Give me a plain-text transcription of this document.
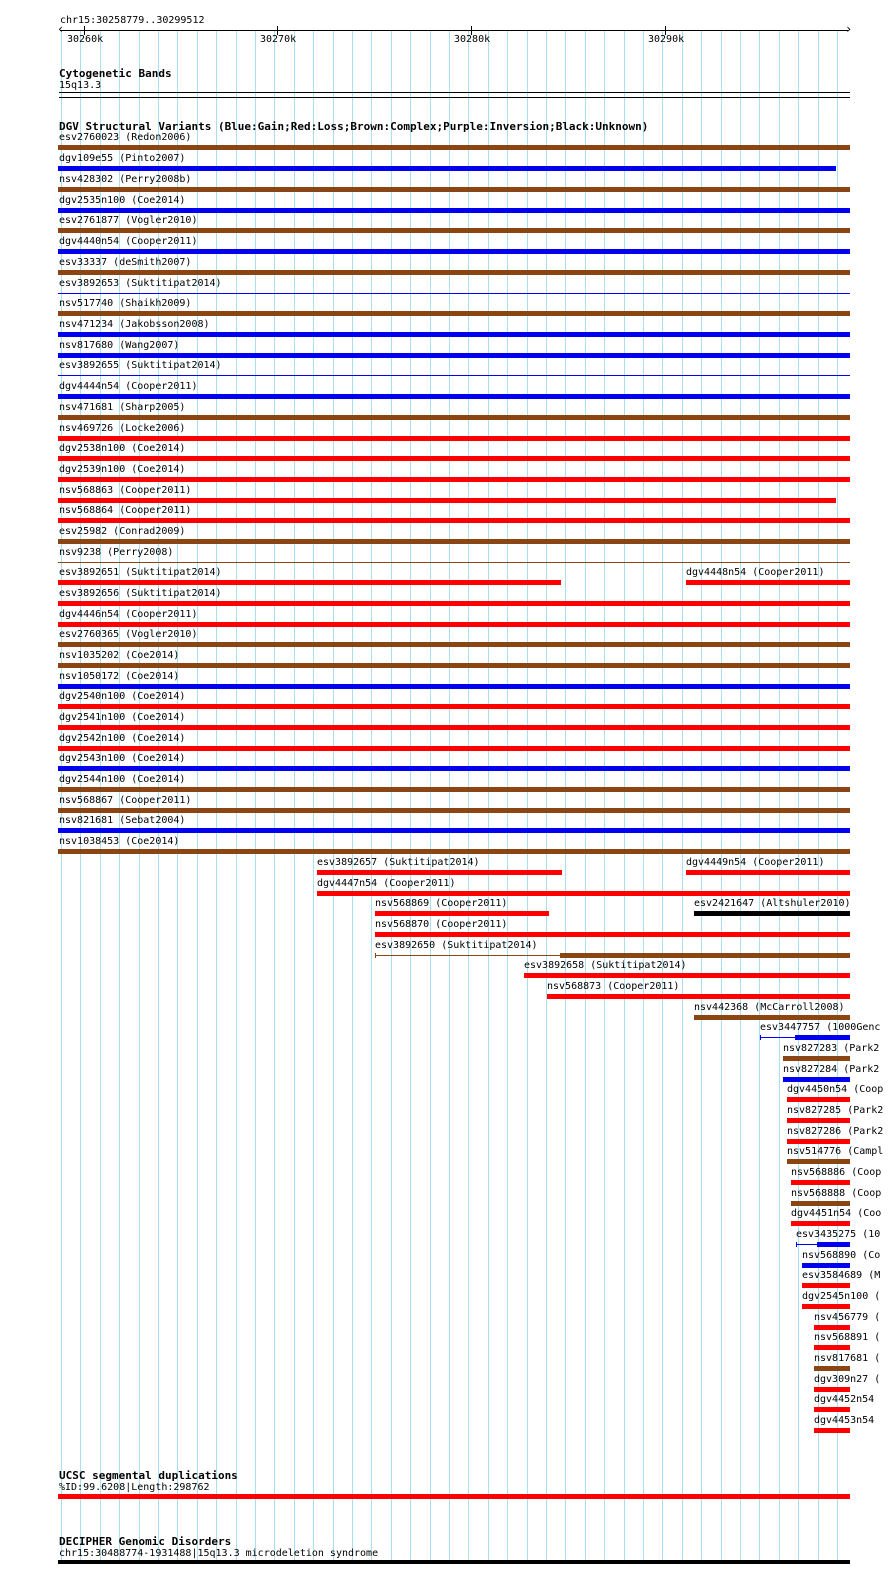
chr15:30258779..30299512
‹	›
30260k	30270k	30280k	30290k
Cytogenetic Bands
15q13.3
DGV Structural Variants (Blue:Gain;Red:Loss;Brown:Complex;Purple:Inversion;Black:Unknown)
esv2760023 (Redon2006)
dgv109e55 (Pinto2007)
nsv428302 (Perry2008b)
dgv2535n100 (Coe2014)
esv2761877 (Vogler2010)
dgv4440n54 (Cooper2011)
esv33337 (deSmith2007)
esv3892653 (Suktitipat2014)
nsv517740 (Shaikh2009)
nsv471234 (Jakobsson2008)
nsv817680 (Wang2007)
esv3892655 (Suktitipat2014)
dgv4444n54 (Cooper2011)
nsv471681 (Sharp2005)
nsv469726 (Locke2006)
dgv2538n100 (Coe2014)
dgv2539n100 (Coe2014)
nsv568863 (Cooper2011)
nsv568864 (Cooper2011)
esv25982 (Conrad2009)
nsv9238 (Perry2008)
esv3892651 (Suktitipat2014)	dgv4448n54 (Cooper2011)
esv3892656 (Suktitipat2014)
dgv4446n54 (Cooper2011)
esv2760365 (Vogler2010)
nsv1035202 (Coe2014)
nsv1050172 (Coe2014)
dgv2540n100 (Coe2014)
dgv2541n100 (Coe2014)
dgv2542n100 (Coe2014)
dgv2543n100 (Coe2014)
dgv2544n100 (Coe2014)
nsv568867 (Cooper2011)
nsv821681 (Sebat2004)
nsv1038453 (Coe2014)
esv3892657 (Suktitipat2014)	dgv4449n54 (Cooper2011)
dgv4447n54 (Cooper2011)
nsv568869 (Cooper2011)	esv2421647 (Altshuler2010)
nsv568870 (Cooper2011)
esv3892650 (Suktitipat2014)
esv3892658 (Suktitipat2014)
nsv568873 (Cooper2011)
nsv442368 (McCarroll2008)
esv3447757 (1000Genc
nsv827283 (Park2
nsv827284 (Park2
dgv4450n54 (Coop
nsv827285 (Park2
nsv827286 (Park2
nsv514776 (Campl
nsv568886 (Coop
nsv568888 (Coop
dgv4451n54 (Coo
esv3435275 (10
nsv568890 (Co
esv3584689 (M
dgv2545n100 (
nsv456779 (
nsv568891 (
nsv817681 (
dgv309n27 (
dgv4452n54
dgv4453n54
UCSC segmental duplications
%ID:99.6208|Length:298762
DECIPHER Genomic Disorders
chr15:30488774-1931488|15q13.3 microdeletion syndrome
